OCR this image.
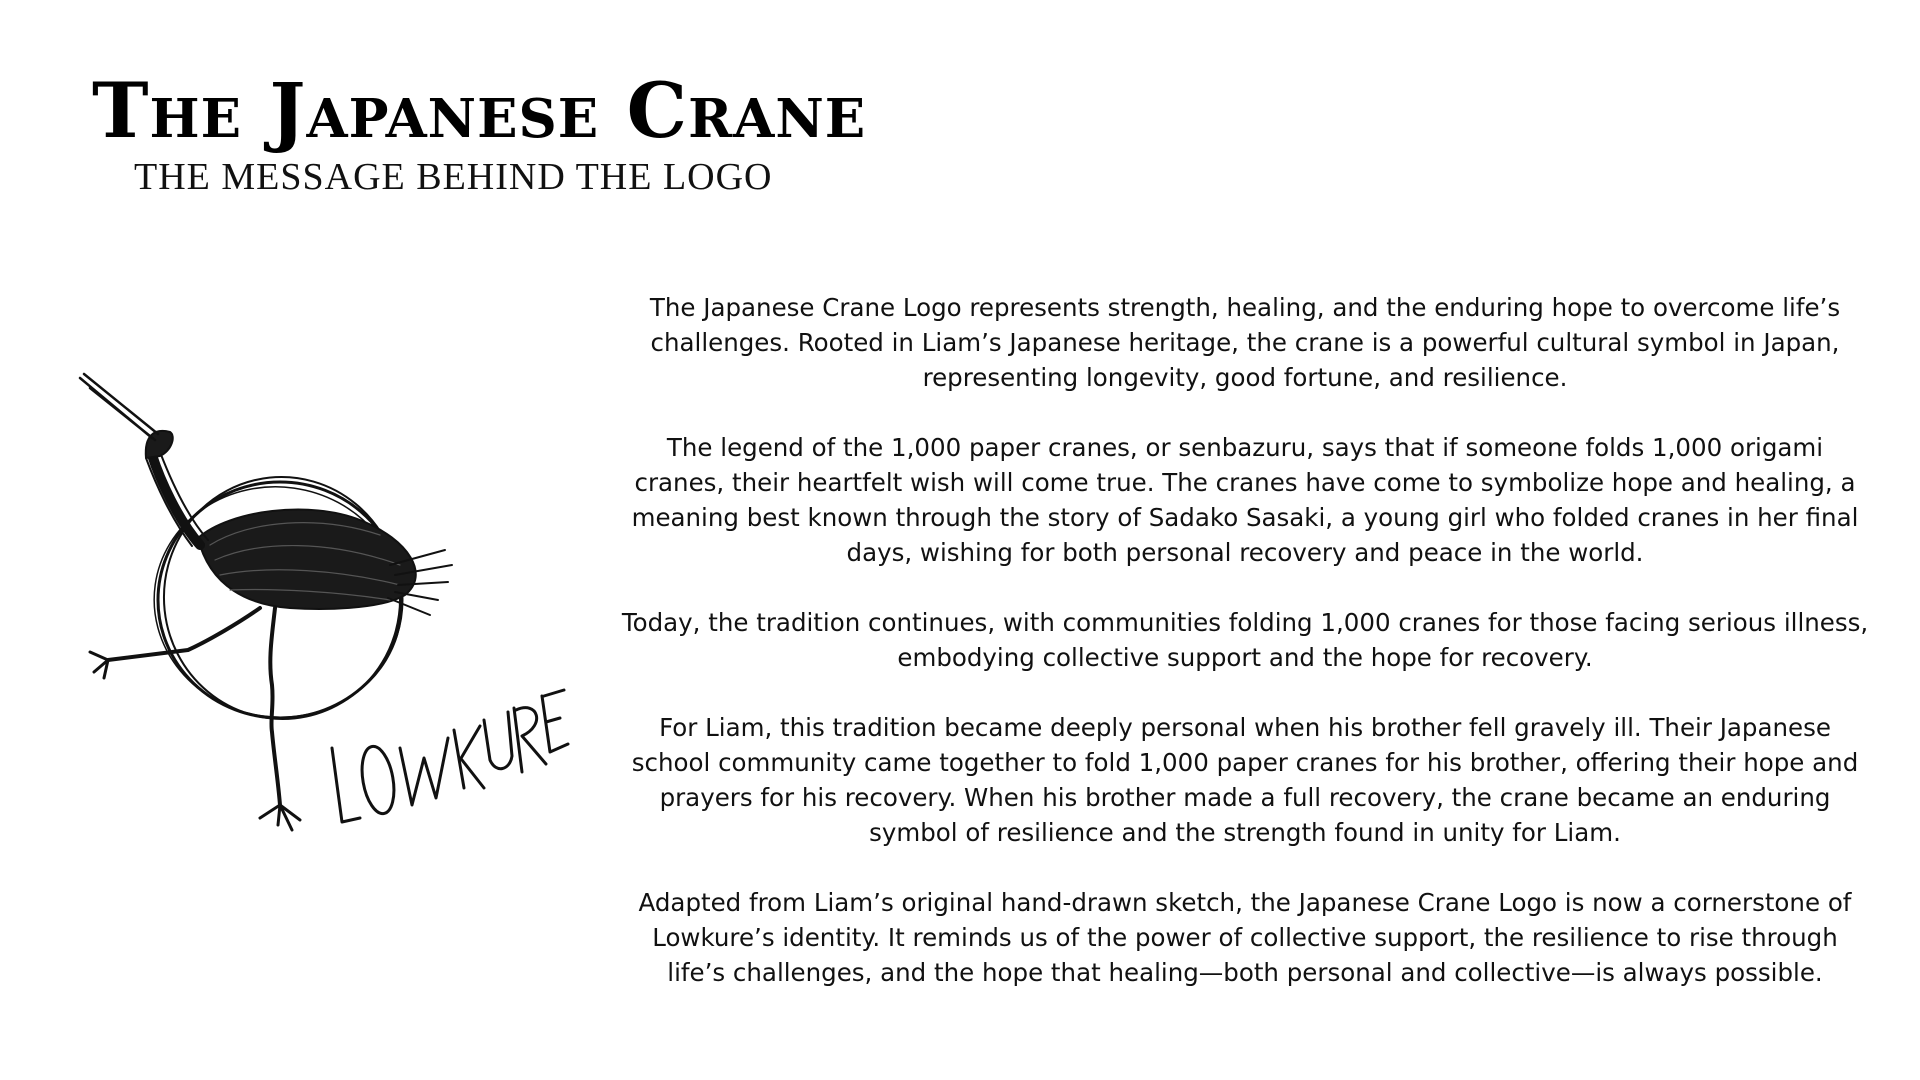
The Japanese Crane
THE MESSAGE BEHIND THE LOGO

The Japanese Crane Logo represents strength, healing, and the enduring hope to overcome life’s challenges. Rooted in Liam’s Japanese heritage, the crane is a powerful cultural symbol in Japan, representing longevity, good fortune, and resilience.

The legend of the 1,000 paper cranes, or senbazuru, says that if someone folds 1,000 origami cranes, their heartfelt wish will come true. The cranes have come to symbolize hope and healing, a meaning best known through the story of Sadako Sasaki, a young girl who folded cranes in her final days, wishing for both personal recovery and peace in the world.

Today, the tradition continues, with communities folding 1,000 cranes for those facing serious illness, embodying collective support and the hope for recovery.

For Liam, this tradition became deeply personal when his brother fell gravely ill. Their Japanese school community came together to fold 1,000 paper cranes for his brother, offering their hope and prayers for his recovery. When his brother made a full recovery, the crane became an enduring symbol of resilience and the strength found in unity for Liam.

Adapted from Liam’s original hand-drawn sketch, the Japanese Crane Logo is now a cornerstone of Lowkure’s identity. It reminds us of the power of collective support, the resilience to rise through life’s challenges, and the hope that healing—both personal and collective—is always possible.
